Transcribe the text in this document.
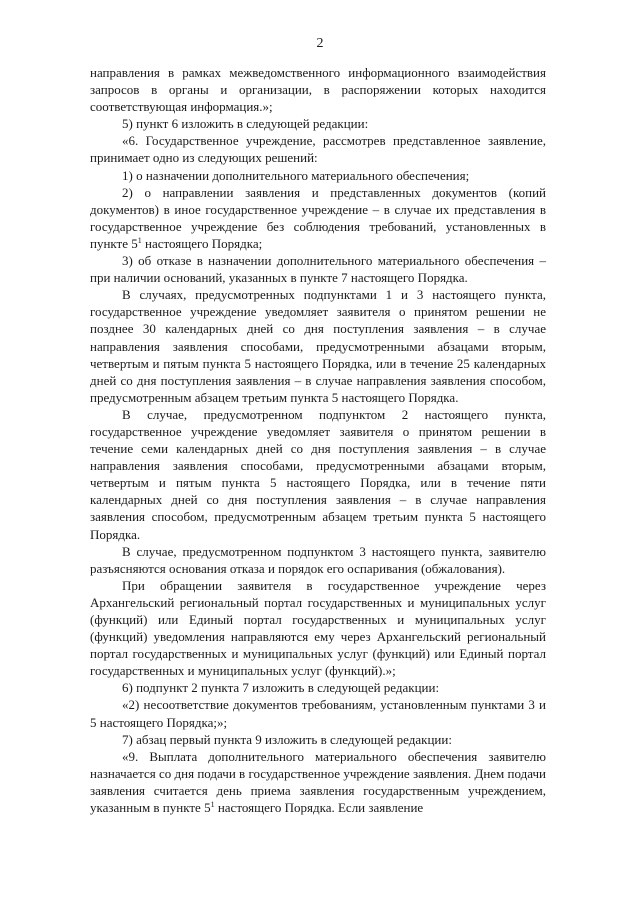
2

направления в рамках межведомственного информационного взаимодействия запросов в органы и организации, в распоряжении которых находится соответствующая информация.»;

5) пункт 6 изложить в следующей редакции:

«6. Государственное учреждение, рассмотрев представленное заявление, принимает одно из следующих решений:

1) о назначении дополнительного материального обеспечения;

2) о направлении заявления и представленных документов (копий документов) в иное государственное учреждение – в случае их представления в государственное учреждение без соблюдения требований, установленных в пункте $5^1$ настоящего Порядка;

3) об отказе в назначении дополнительного материального обеспечения – при наличии оснований, указанных в пункте 7 настоящего Порядка.

В случаях, предусмотренных подпунктами 1 и 3 настоящего пункта, государственное учреждение уведомляет заявителя о принятом решении не позднее 30 календарных дней со дня поступления заявления – в случае направления заявления способами, предусмотренными абзацами вторым, четвертым и пятым пункта 5 настоящего Порядка, или в течение 25 календарных дней со дня поступления заявления – в случае направления заявления способом, предусмотренным абзацем третьим пункта 5 настоящего Порядка.

В случае, предусмотренном подпунктом 2 настоящего пункта, государственное учреждение уведомляет заявителя о принятом решении в течение семи календарных дней со дня поступления заявления – в случае направления заявления способами, предусмотренными абзацами вторым, четвертым и пятым пункта 5 настоящего Порядка, или в течение пяти календарных дней со дня поступления заявления – в случае направления заявления способом, предусмотренным абзацем третьим пункта 5 настоящего Порядка.

В случае, предусмотренном подпунктом 3 настоящего пункта, заявителю разъясняются основания отказа и порядок его оспаривания (обжалования).

При обращении заявителя в государственное учреждение через Архангельский региональный портал государственных и муниципальных услуг (функций) или Единый портал государственных и муниципальных услуг (функций) уведомления направляются ему через Архангельский региональный портал государственных и муниципальных услуг (функций) или Единый портал государственных и муниципальных услуг (функций).»;

6) подпункт 2 пункта 7 изложить в следующей редакции:

«2) несоответствие документов требованиям, установленным пунктами 3 и 5 настоящего Порядка;»;

7) абзац первый пункта 9 изложить в следующей редакции:

«9. Выплата дополнительного материального обеспечения заявителю назначается со дня подачи в государственное учреждение заявления. Днем подачи заявления считается день приема заявления государственным учреждением, указанным в пункте $5^1$ настоящего Порядка. Если заявление
